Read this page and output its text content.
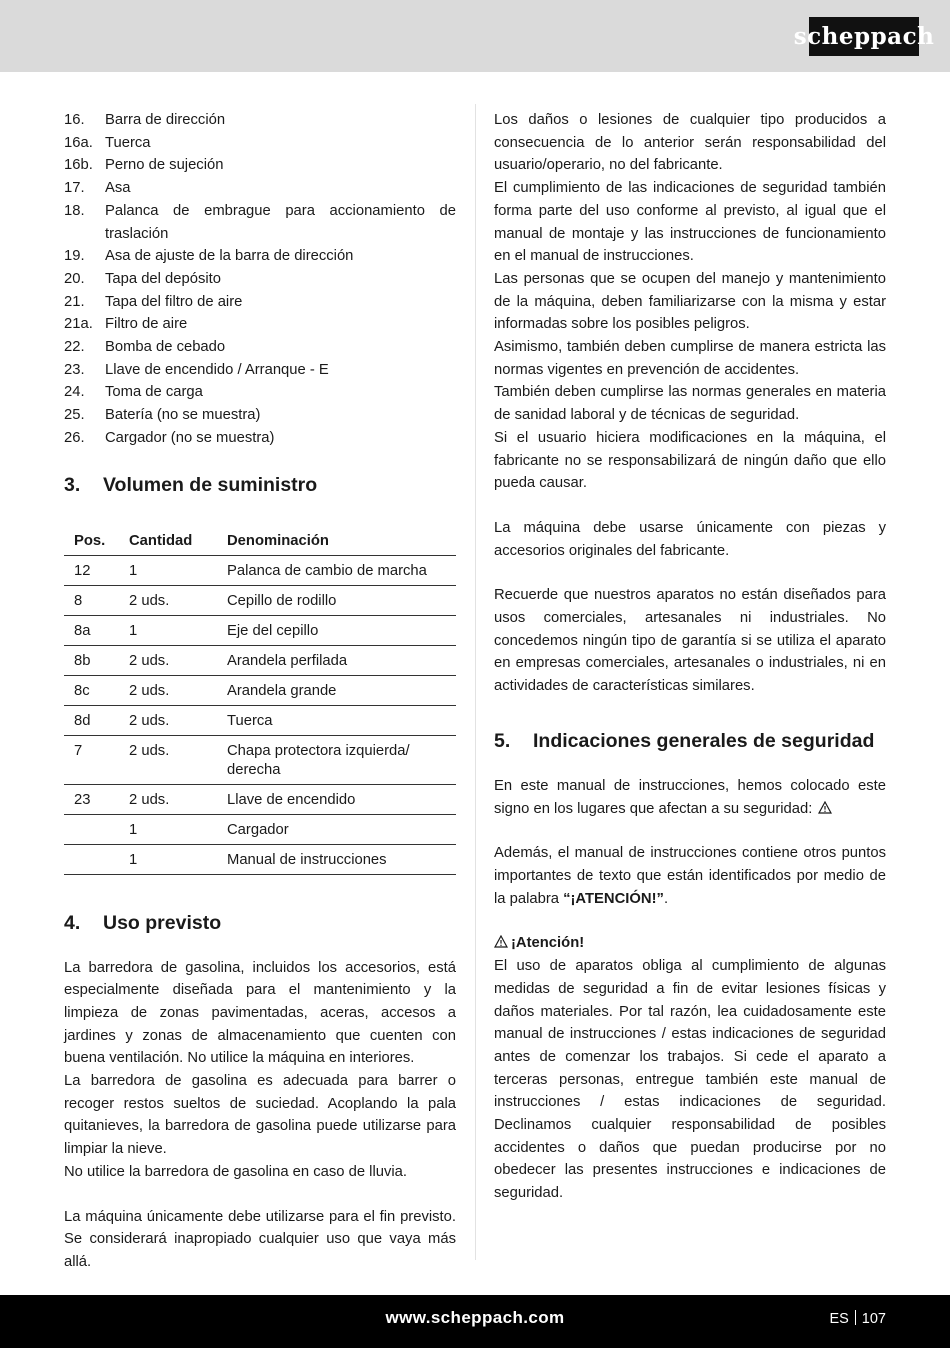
scheppach
16.	Barra de dirección
16a. Tuerca
16b. Perno de sujeción
17.	Asa
18.	Palanca de embrague para accionamiento de traslación
19.	Asa de ajuste de la barra de dirección
20.	Tapa del depósito
21.	Tapa del filtro de aire
21a. Filtro de aire
22.	Bomba de cebado
23.	Llave de encendido / Arranque - E
24.	Toma de carga
25.	Batería (no se muestra)
26.	Cargador (no se muestra)
3.	Volumen de suministro
Pos.	Cantidad	Denominación
12	1	Palanca de cambio de marcha
8	2 uds.	Cepillo de rodillo
8a	1	Eje del cepillo
8b	2 uds.	Arandela perfilada
8c	2 uds.	Arandela grande
8d	2 uds.	Tuerca
7	2 uds.	Chapa protectora izquierda/ derecha
23	2 uds.	Llave de encendido
	1	Cargador
	1	Manual de instrucciones
4.	Uso previsto

La barredora de gasolina, incluidos los accesorios, está especialmente diseñada para el mantenimiento y la limpieza de zonas pavimentadas, aceras, accesos a jardines y zonas de almacenamiento que cuenten con buena ventilación. No utilice la máquina en interiores.

La barredora de gasolina es adecuada para barrer o recoger restos sueltos de suciedad. Acoplando la pala quitanieves, la barredora de gasolina puede utilizarse para limpiar la nieve.

No utilice la barredora de gasolina en caso de lluvia.

La máquina únicamente debe utilizarse para el fin previsto. Se considerará inapropiado cualquier uso que vaya más allá.

Los daños o lesiones de cualquier tipo producidos a consecuencia de lo anterior serán responsabilidad del usuario/operario, no del fabricante.

El cumplimiento de las indicaciones de seguridad también forma parte del uso conforme al previsto, al igual que el manual de montaje y las instrucciones de funcionamiento en el manual de instrucciones.

Las personas que se ocupen del manejo y mantenimiento de la máquina, deben familiarizarse con la misma y estar informadas sobre los posibles peligros.

Asimismo, también deben cumplirse de manera estricta las normas vigentes en prevención de accidentes.

También deben cumplirse las normas generales en materia de sanidad laboral y de técnicas de seguridad.

Si el usuario hiciera modificaciones en la máquina, el fabricante no se responsabilizará de ningún daño que ello pueda causar.

La máquina debe usarse únicamente con piezas y accesorios originales del fabricante.

Recuerde que nuestros aparatos no están diseñados para usos comerciales, artesanales ni industriales. No concedemos ningún tipo de garantía si se utiliza el aparato en empresas comerciales, artesanales o industriales, ni en actividades de características similares.

5.	Indicaciones generales de seguridad

En este manual de instrucciones, hemos colocado este signo en los lugares que afectan a su seguridad:

Además, el manual de instrucciones contiene otros puntos importantes de texto que están identificados por medio de la palabra “¡ATENCIÓN!”.

¡Atención!

El uso de aparatos obliga al cumplimiento de algunas medidas de seguridad a fin de evitar lesiones físicas y daños materiales. Por tal razón, lea cuidadosamente este manual de instrucciones / estas indicaciones de seguridad antes de comenzar los trabajos. Si cede el aparato a terceras personas, entregue también este manual de instrucciones / estas indicaciones de seguridad. Declinamos cualquier responsabilidad de posibles accidentes o daños que puedan producirse por no obedecer las presentes instrucciones e indicaciones de seguridad.

www.scheppach.com	ES 107
